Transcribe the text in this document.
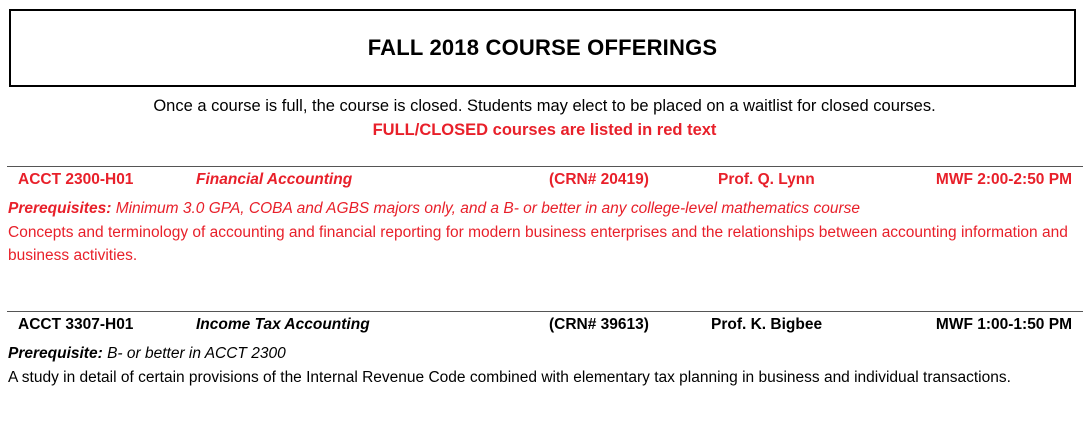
FALL 2018 COURSE OFFERINGS

Once a course is full, the course is closed. Students may elect to be placed on a waitlist for closed courses.

FULL/CLOSED courses are listed in red text

ACCT 2300-H01	Financial Accounting	(CRN# 20419)	Prof. Q. Lynn	MWF 2:00-2:50 PM

Prerequisites: Minimum 3.0 GPA, COBA and AGBS majors only, and a B- or better in any college-level mathematics course

Concepts and terminology of accounting and financial reporting for modern business enterprises and the relationships between accounting information and business activities.

ACCT 3307-H01	Income Tax Accounting	(CRN# 39613)	Prof. K. Bigbee	MWF 1:00-1:50 PM

Prerequisite: B- or better in ACCT 2300

A study in detail of certain provisions of the Internal Revenue Code combined with elementary tax planning in business and individual transactions.
